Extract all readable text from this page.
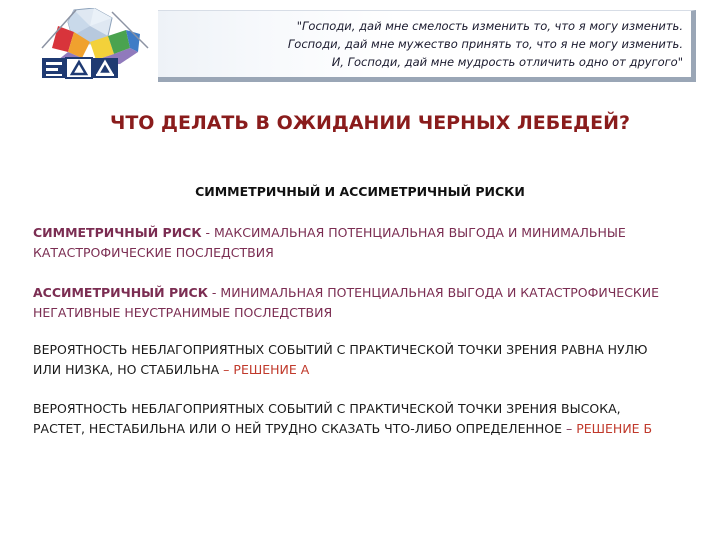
"Господи, дай мне смелость изменить то, что я могу изменить.

Господи, дай мне мужество принять то, что я не могу изменить.

И, Господи, дай мне мудрость отличить одно от другого"

ЧТО ДЕЛАТЬ В ОЖИДАНИИ ЧЕРНЫХ ЛЕБЕДЕЙ?

СИММЕТРИЧНЫЙ И АССИМЕТРИЧНЫЙ РИСКИ

СИММЕТРИЧНЫЙ РИСК - МАКСИМАЛЬНАЯ ПОТЕНЦИАЛЬНАЯ ВЫГОДА И МИНИМАЛЬНЫЕ КАТАСТРОФИЧЕСКИЕ ПОСЛЕДСТВИЯ

АССИМЕТРИЧНЫЙ РИСК - МИНИМАЛЬНАЯ ПОТЕНЦИАЛЬНАЯ ВЫГОДА И КАТАСТРОФИЧЕСКИЕ НЕГАТИВНЫЕ НЕУСТРАНИМЫЕ ПОСЛЕДСТВИЯ

ВЕРОЯТНОСТЬ НЕБЛАГОПРИЯТНЫХ СОБЫТИЙ С ПРАКТИЧЕСКОЙ ТОЧКИ ЗРЕНИЯ РАВНА НУЛЮ ИЛИ НИЗКА, НО СТАБИЛЬНА – РЕШЕНИЕ А

ВЕРОЯТНОСТЬ НЕБЛАГОПРИЯТНЫХ СОБЫТИЙ С ПРАКТИЧЕСКОЙ ТОЧКИ ЗРЕНИЯ ВЫСОКА, РАСТЕТ, НЕСТАБИЛЬНА ИЛИ О НЕЙ ТРУДНО СКАЗАТЬ ЧТО-ЛИБО ОПРЕДЕЛЕННОЕ – РЕШЕНИЕ Б
